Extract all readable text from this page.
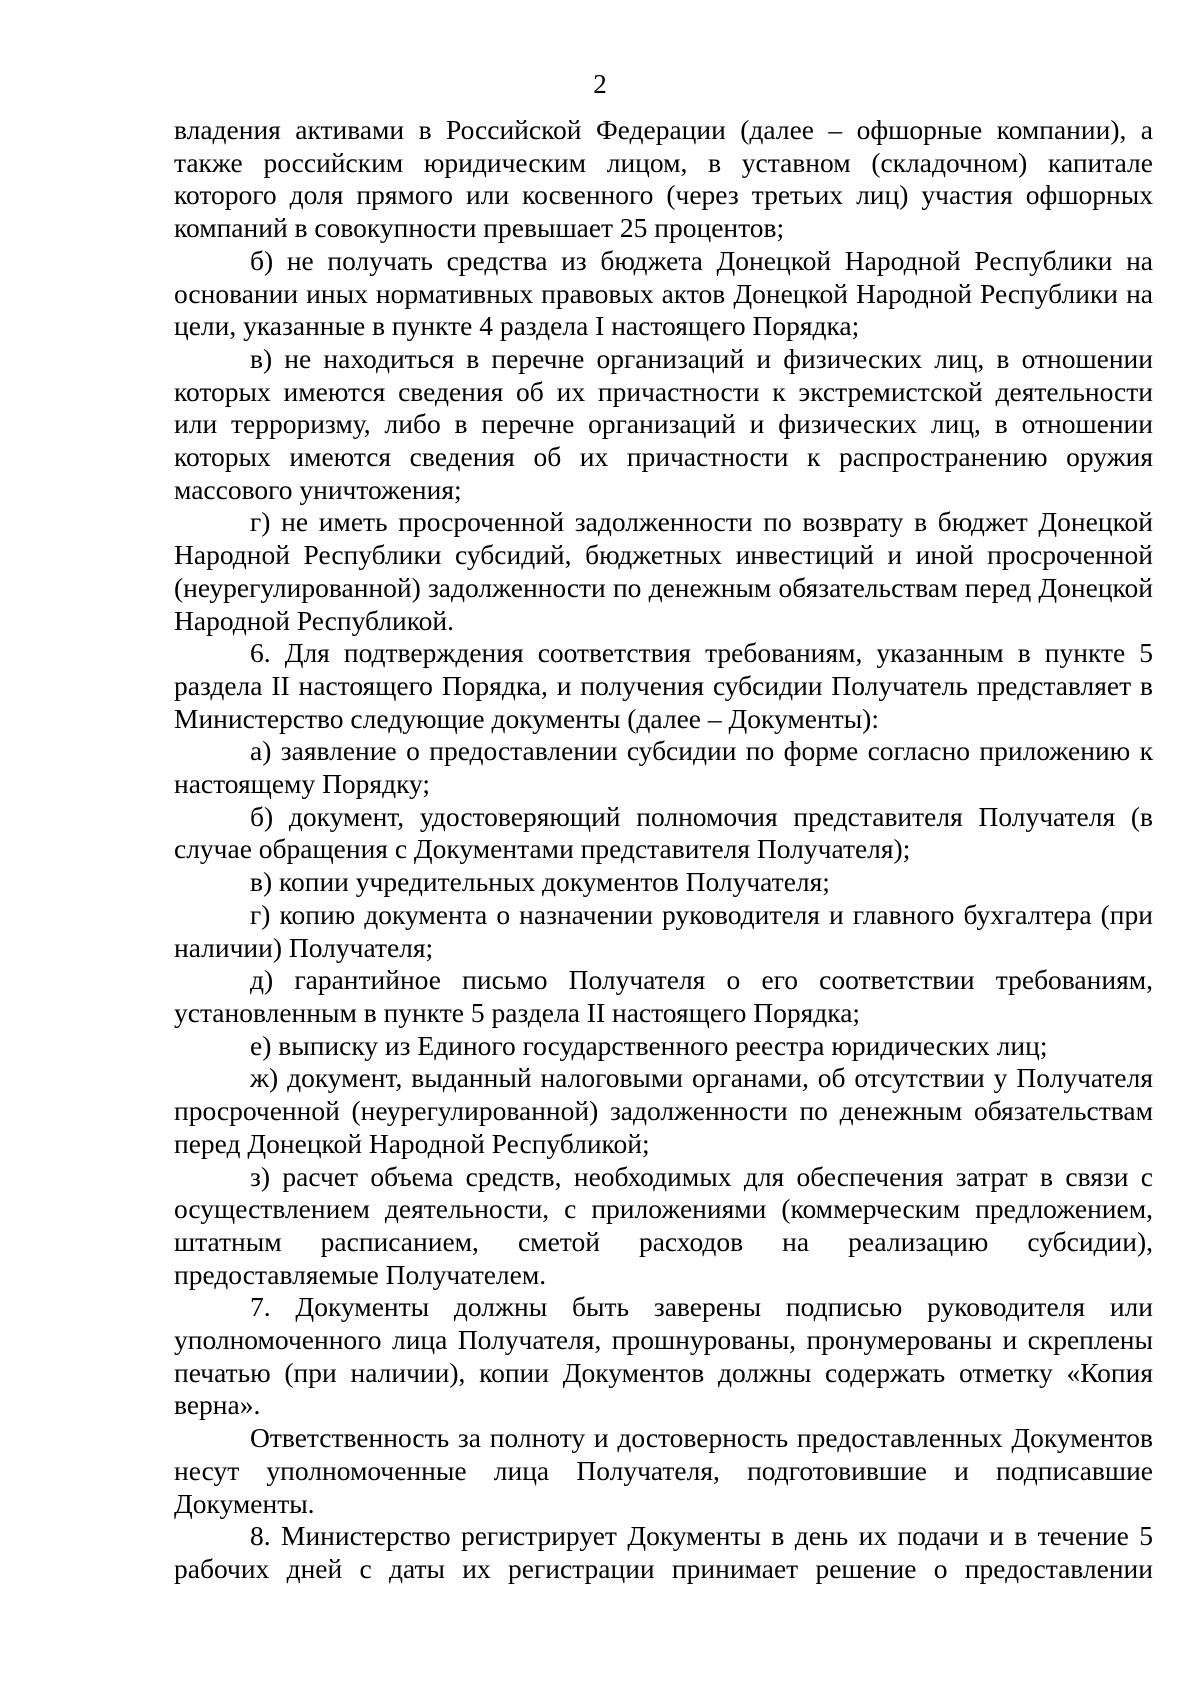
2

владения активами в Российской Федерации (далее – офшорные компании), а также российским юридическим лицом, в уставном (складочном) капитале которого доля прямого или косвенного (через третьих лиц) участия офшорных компаний в совокупности превышает 25 процентов;

б) не получать средства из бюджета Донецкой Народной Республики на основании иных нормативных правовых актов Донецкой Народной Республики на цели, указанные в пункте 4 раздела I настоящего Порядка;

в) не находиться в перечне организаций и физических лиц, в отношении которых имеются сведения об их причастности к экстремистской деятельности или терроризму, либо в перечне организаций и физических лиц, в отношении которых имеются сведения об их причастности к распространению оружия массового уничтожения;

г) не иметь просроченной задолженности по возврату в бюджет Донецкой Народной Республики субсидий, бюджетных инвестиций и иной просроченной (неурегулированной) задолженности по денежным обязательствам перед Донецкой Народной Республикой.

6. Для подтверждения соответствия требованиям, указанным в пункте 5 раздела II настоящего Порядка, и получения субсидии Получатель представляет в Министерство следующие документы (далее – Документы):

а) заявление о предоставлении субсидии по форме согласно приложению к настоящему Порядку;

б) документ, удостоверяющий полномочия представителя Получателя (в случае обращения с Документами представителя Получателя);

в) копии учредительных документов Получателя;

г) копию документа о назначении руководителя и главного бухгалтера (при наличии) Получателя;

д) гарантийное письмо Получателя о его соответствии требованиям, установленным в пункте 5 раздела II настоящего Порядка;

е) выписку из Единого государственного реестра юридических лиц;

ж) документ, выданный налоговыми органами, об отсутствии у Получателя просроченной (неурегулированной) задолженности по денежным обязательствам перед Донецкой Народной Республикой;

з) расчет объема средств, необходимых для обеспечения затрат в связи с осуществлением деятельности, с приложениями (коммерческим предложением, штатным расписанием, сметой расходов на реализацию субсидии), предоставляемые Получателем.

7. Документы должны быть заверены подписью руководителя или уполномоченного лица Получателя, прошнурованы, пронумерованы и скреплены печатью (при наличии), копии Документов должны содержать отметку «Копия верна».

Ответственность за полноту и достоверность предоставленных Документов несут уполномоченные лица Получателя, подготовившие и подписавшие Документы.

8. Министерство регистрирует Документы в день их подачи и в течение 5 рабочих дней с даты их регистрации принимает решение о предоставлении
